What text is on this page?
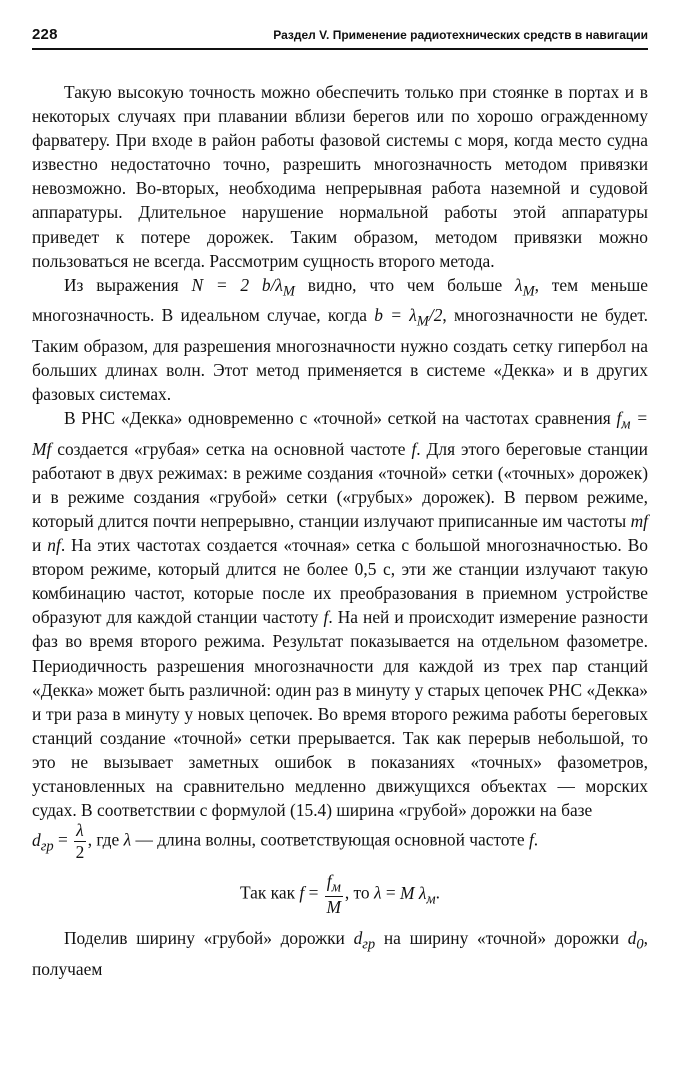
228	Раздел V. Применение радиотехнических средств в навигации

Такую высокую точность можно обеспечить только при стоянке в портах и в некоторых случаях при плавании вблизи берегов или по хорошо огражденному фарватеру. При входе в район работы фазовой системы с моря, когда место судна известно недостаточно точно, разрешить многозначность методом привязки невозможно. Во-вторых, необходима непрерывная работа наземной и судовой аппаратуры. Длительное нарушение нормальной работы этой аппаратуры приведет к потере дорожек. Таким образом, методом привязки можно пользоваться не всегда. Рассмотрим сущность второго метода.

Из выражения N = 2 $b/\lambda_M$ видно, что чем больше $\lambda_M$, тем меньше многозначность. В идеальном случае, когда $b = \lambda_M/2$, многозначности не будет. Таким образом, для разрешения многозначности нужно создать сетку гипербол на больших длинах волн. Этот метод применяется в системе «Декка» и в других фазовых системах.

В РНС «Декка» одновременно с «точной» сеткой на частотах сравнения $f_м = Mf$ создается «грубая» сетка на основной частоте f. Для этого береговые станции работают в двух режимах: в режиме создания «точной» сетки («точных» дорожек) и в режиме создания «грубой» сетки («грубых» дорожек). В первом режиме, который длится почти непрерывно, станции излучают приписанные им частоты mf и nf. На этих частотах создается «точная» сетка с большой многозначностью. Во втором режиме, который длится не более 0,5 с, эти же станции излучают такую комбинацию частот, которые после их преобразования в приемном устройстве образуют для каждой станции частоту f. На ней и происходит измерение разности фаз во время второго режима. Результат показывается на отдельном фазометре. Периодичность разрешения многозначности для каждой из трех пар станций «Декка» может быть различной: один раз в минуту у старых цепочек РНС «Декка» и три раза в минуту у новых цепочек. Во время второго режима работы береговых станций создание «точной» сетки прерывается. Так как перерыв небольшой, то это не вызывает заметных ошибок в показаниях «точных» фазометров, установленных на сравнительно медленно движущихся объектах — морских судах. В соответствии с формулой (15.4) ширина «грубой» дорожки на базе

$d_{гр} = \frac{\lambda}{2}$ , где λ — длина волны, соответствующая основной частоте f.

Так как $f = \frac{f_м}{M}$ , то λ = M $\lambda_м$.

Поделив ширину «грубой» дорожки $d_{гр}$ на ширину «точной» дорожки $d_0$, получаем
